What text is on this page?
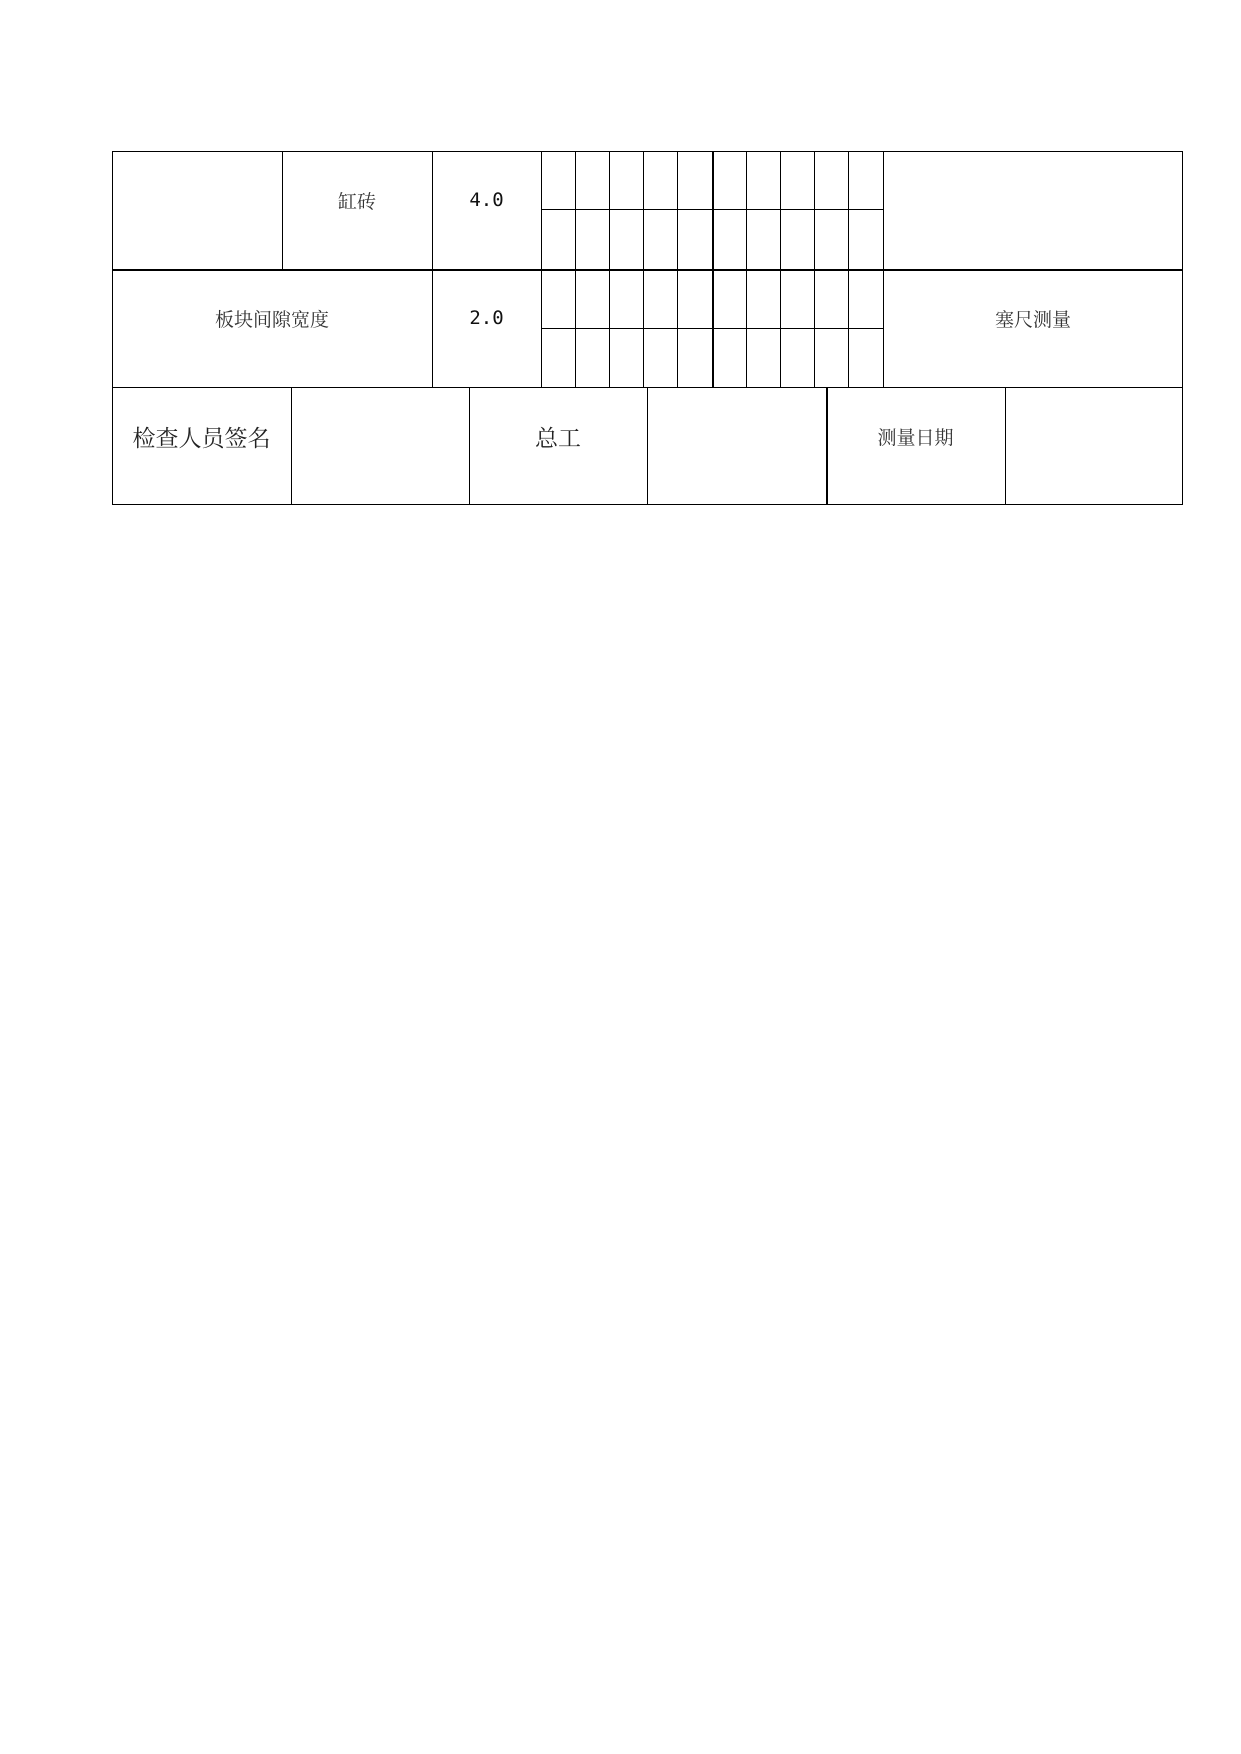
缸砖	4.0
板块间隙宽度	2.0	塞尺测量
检查人员签名	总工	测量日期
